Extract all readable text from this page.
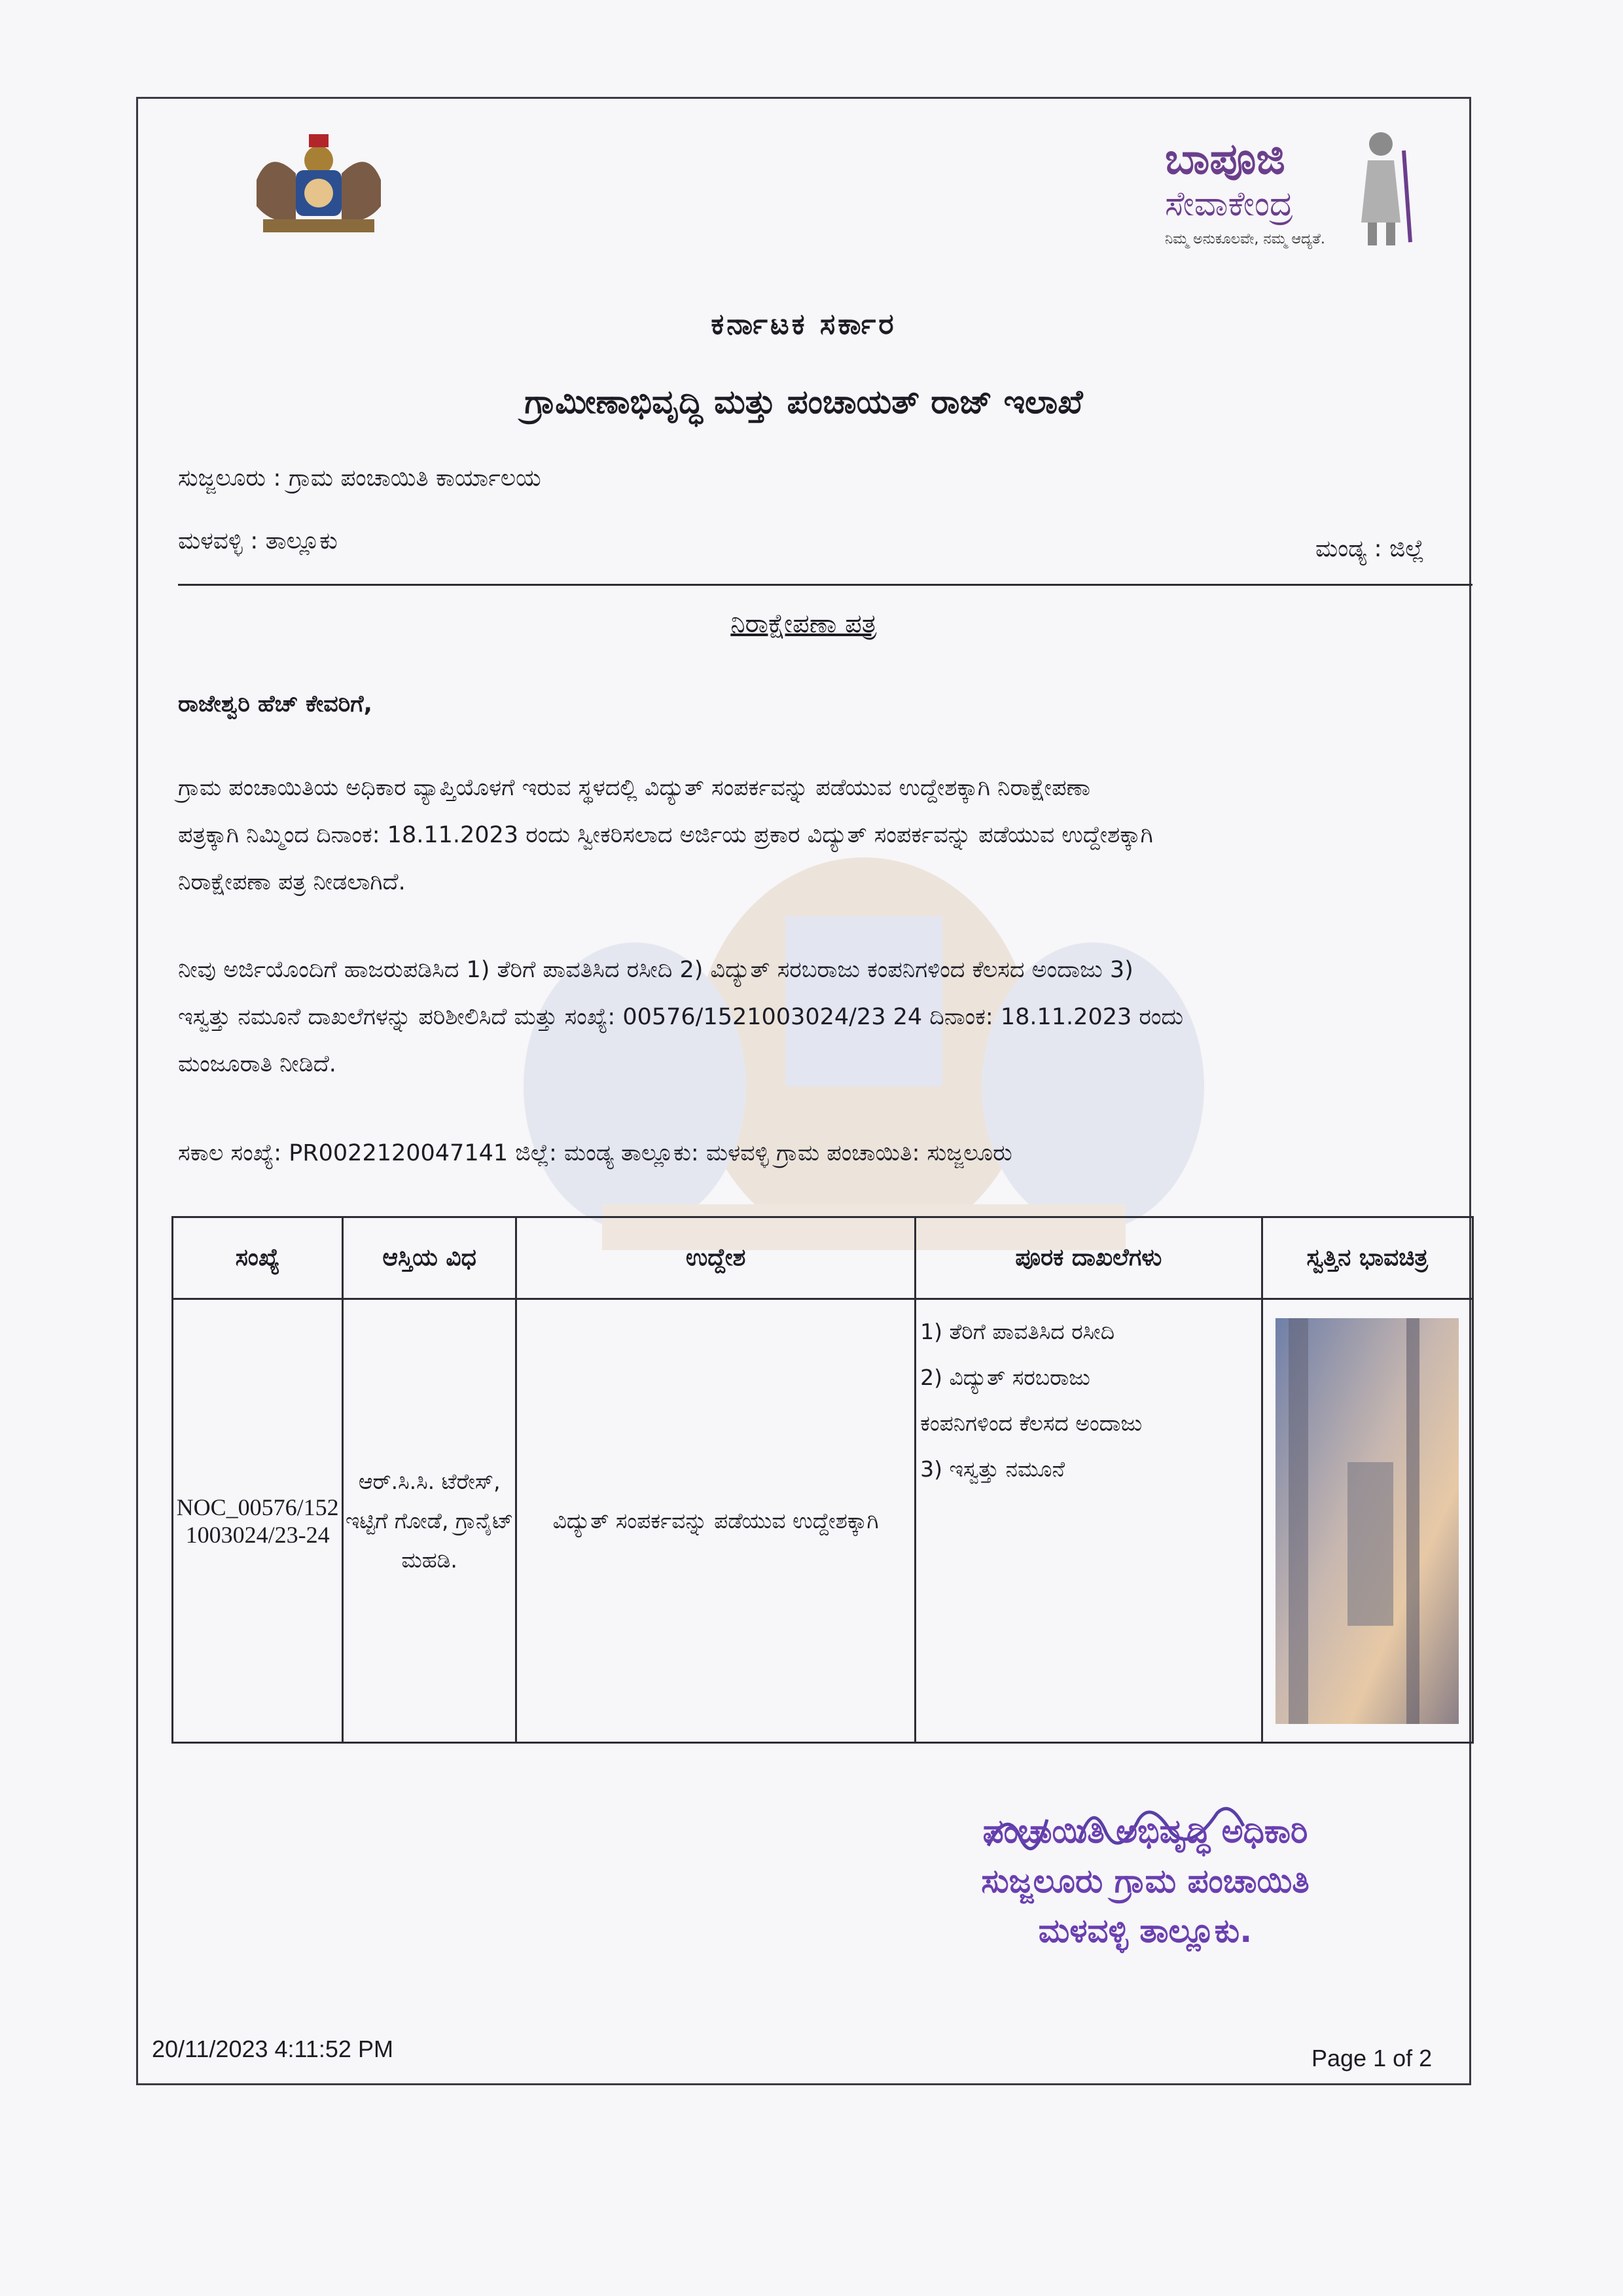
ಬಾಪೂಜಿ
ಸೇವಾಕೇಂದ್ರ
ನಿಮ್ಮ ಅನುಕೂಲವೇ, ನಮ್ಮ ಆದ್ಯತೆ.
ಕರ್ನಾಟಕ ಸರ್ಕಾರ
ಗ್ರಾಮೀಣಾಭಿವೃದ್ಧಿ ಮತ್ತು ಪಂಚಾಯತ್ ರಾಜ್ ಇಲಾಖೆ
ಸುಜ್ಜಲೂರು : ಗ್ರಾಮ ಪಂಚಾಯಿತಿ ಕಾರ್ಯಾಲಯ
ಮಳವಳ್ಳಿ : ತಾಲ್ಲೂಕು	ಮಂಡ್ಯ : ಜಿಲ್ಲೆ
ನಿರಾಕ್ಷೇಪಣಾ ಪತ್ರ
ರಾಜೇಶ್ವರಿ ಹೆಚ್ ಕೇವರಿಗೆ,
ಗ್ರಾಮ ಪಂಚಾಯಿತಿಯ ಅಧಿಕಾರ ವ್ಯಾಪ್ತಿಯೊಳಗೆ ಇರುವ ಸ್ಥಳದಲ್ಲಿ ವಿದ್ಯುತ್ ಸಂಪರ್ಕವನ್ನು ಪಡೆಯುವ ಉದ್ದೇಶಕ್ಕಾಗಿ ನಿರಾಕ್ಷೇಪಣಾ
ಪತ್ರಕ್ಕಾಗಿ ನಿಮ್ಮಿಂದ ದಿನಾಂಕ: 18.11.2023 ರಂದು ಸ್ವೀಕರಿಸಲಾದ ಅರ್ಜಿಯ ಪ್ರಕಾರ ವಿದ್ಯುತ್ ಸಂಪರ್ಕವನ್ನು ಪಡೆಯುವ ಉದ್ದೇಶಕ್ಕಾಗಿ
ನಿರಾಕ್ಷೇಪಣಾ ಪತ್ರ ನೀಡಲಾಗಿದೆ.
ನೀವು ಅರ್ಜಿಯೊಂದಿಗೆ ಹಾಜರುಪಡಿಸಿದ 1) ತೆರಿಗೆ ಪಾವತಿಸಿದ ರಸೀದಿ 2) ವಿದ್ಯುತ್ ಸರಬರಾಜು ಕಂಪನಿಗಳಿಂದ ಕೆಲಸದ ಅಂದಾಜು 3)
ಇಸ್ವತ್ತು ನಮೂನೆ ದಾಖಲೆಗಳನ್ನು ಪರಿಶೀಲಿಸಿದೆ ಮತ್ತು ಸಂಖ್ಯೆ: 00576/1521003024/23 24 ದಿನಾಂಕ: 18.11.2023 ರಂದು
ಮಂಜೂರಾತಿ ನೀಡಿದೆ.
ಸಕಾಲ ಸಂಖ್ಯೆ: PR0022120047141 ಜಿಲ್ಲೆ: ಮಂಡ್ಯ ತಾಲ್ಲೂಕು: ಮಳವಳ್ಳಿ ಗ್ರಾಮ ಪಂಚಾಯಿತಿ: ಸುಜ್ಜಲೂರು
ಸಂಖ್ಯೆ	ಆಸ್ತಿಯ ವಿಧ	ಉದ್ದೇಶ	ಪೂರಕ ದಾಖಲೆಗಳು	ಸ್ವತ್ತಿನ ಭಾವಚಿತ್ರ
NOC_00576/1521003024/23-24	ಆರ್.ಸಿ.ಸಿ. ಟೆರೇಸ್, ಇಟ್ಟಿಗೆ ಗೋಡೆ, ಗ್ರಾನೈಟ್ ಮಹಡಿ.	ವಿದ್ಯುತ್ ಸಂಪರ್ಕವನ್ನು ಪಡೆಯುವ ಉದ್ದೇಶಕ್ಕಾಗಿ	1) ತೆರಿಗೆ ಪಾವತಿಸಿದ ರಸೀದಿ
2) ವಿದ್ಯುತ್ ಸರಬರಾಜು
ಕಂಪನಿಗಳಿಂದ ಕೆಲಸದ ಅಂದಾಜು
3) ಇಸ್ವತ್ತು ನಮೂನೆ

ಪಂಚಾಯಿತಿ ಅಭಿವೃದ್ಧಿ ಅಧಿಕಾರಿ
ಸುಜ್ಜಲೂರು ಗ್ರಾಮ ಪಂಚಾಯಿತಿ
ಮಳವಳ್ಳಿ ತಾಲ್ಲೂಕು.
20/11/2023 4:11:52 PM	Page 1 of 2
